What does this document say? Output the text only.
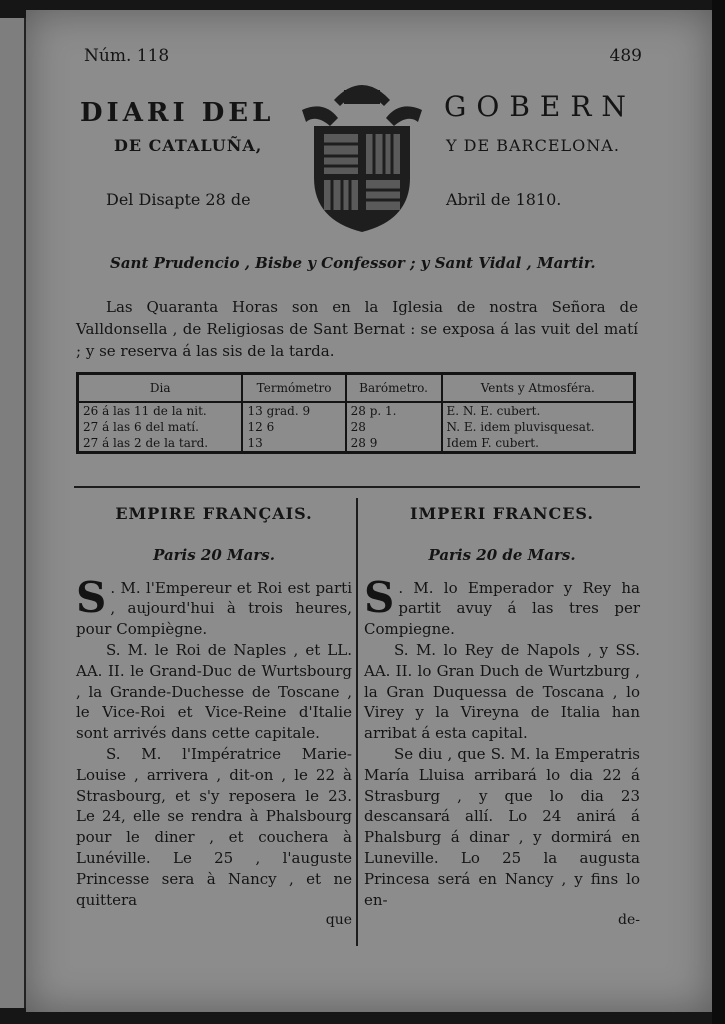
Núm. 118	489
DIARI DEL	GOBERN
DE CATALUÑA,	Y DE BARCELONA.
Del Disapte 28 de	Abril de 1810.
Sant Prudencio , Bisbe y Confessor ; y Sant Vidal , Martir.
Las Quaranta Horas son en la Iglesia de nostra Señora de Valldonsella , de Religiosas de Sant Bernat : se exposa á las vuit del matí ; y se reserva á las sis de la tarda.
Dia	Termómetro	Barómetro.	Vents y Atmosféra.
26 á las 11 de la nit.	13 grad. 9	28 p. 1.	E. N. E. cubert.
27 á las 6 del matí.	12 6	28	N. E. idem pluvisquesat.
27 á las 2 de la tard.	13	28 9	Idem F. cubert.
EMPIRE FRANÇAIS.
Paris 20 Mars.

S . M. l'Empereur et Roi est parti , aujourd'hui à trois heures, pour Compiègne.

S. M. le Roi de Naples , et LL. AA. II. le Grand-Duc de Wurtsbourg , la Grande-Duchesse de Toscane , le Vice-Roi et Vice-Reine d'Italie sont arrivés dans cette capitale.

S. M. l'Impératrice Marie-Louise , arrivera , dit-on , le 22 à Strasbourg, et s'y reposera le 23. Le 24, elle se rendra à Phalsbourg pour le diner , et couchera à Lunéville. Le 25 , l'auguste Princesse sera à Nancy , et ne quittera

que
IMPERI FRANCES.
Paris 20 de Mars.

S . M. lo Emperador y Rey ha partit avuy á las tres per Compiegne.

S. M. lo Rey de Napols , y SS. AA. II. lo Gran Duch de Wurtzburg , la Gran Duquessa de Toscana , lo Virey y la Vireyna de Italia han arribat á esta capital.

Se diu , que S. M. la Emperatris María Lluisa arribará lo dia 22 á Strasburg , y que lo dia 23 descansará allí. Lo 24 anirá á Phalsburg á dinar , y dormirá en Luneville. Lo 25 la augusta Princesa será en Nancy , y fins lo en-

de-
